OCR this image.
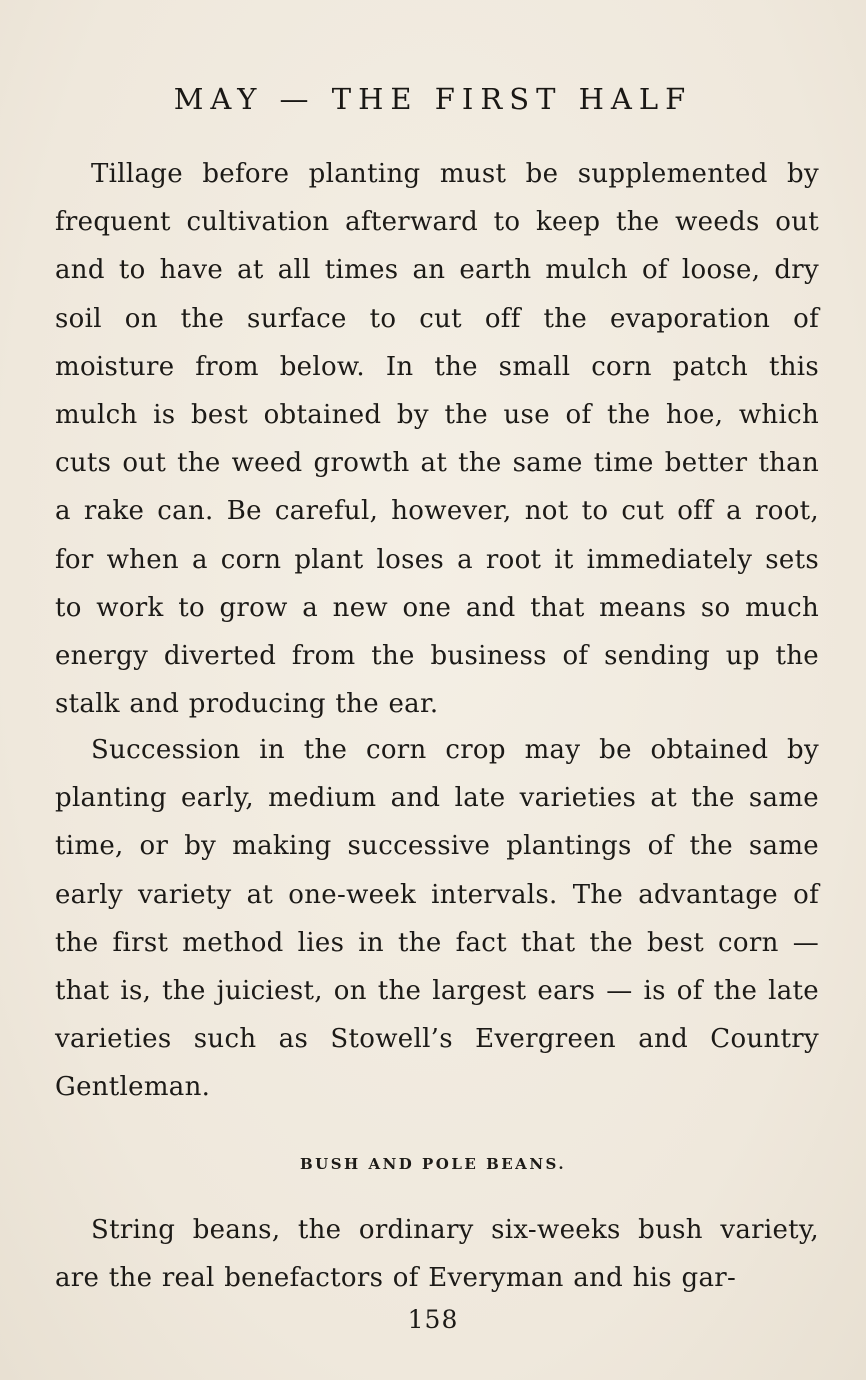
MAY — THE FIRST HALF

Tillage before planting must be supplemented by frequent cultivation afterward to keep the weeds out and to have at all times an earth mulch of loose, dry soil on the surface to cut off the evaporation of moisture from below. In the small corn patch this mulch is best obtained by the use of the hoe, which cuts out the weed growth at the same time better than a rake can. Be careful, however, not to cut off a root, for when a corn plant loses a root it immediately sets to work to grow a new one and that means so much energy diverted from the business of sending up the stalk and producing the ear.

Succession in the corn crop may be obtained by planting early, medium and late varieties at the same time, or by making successive plantings of the same early variety at one-week intervals. The advantage of the first method lies in the fact that the best corn — that is, the juiciest, on the largest ears — is of the late varieties such as Stowell’s Evergreen and Country Gentleman.

BUSH AND POLE BEANS.

String beans, the ordinary six-weeks bush variety, are the real benefactors of Everyman and his gar-

158
